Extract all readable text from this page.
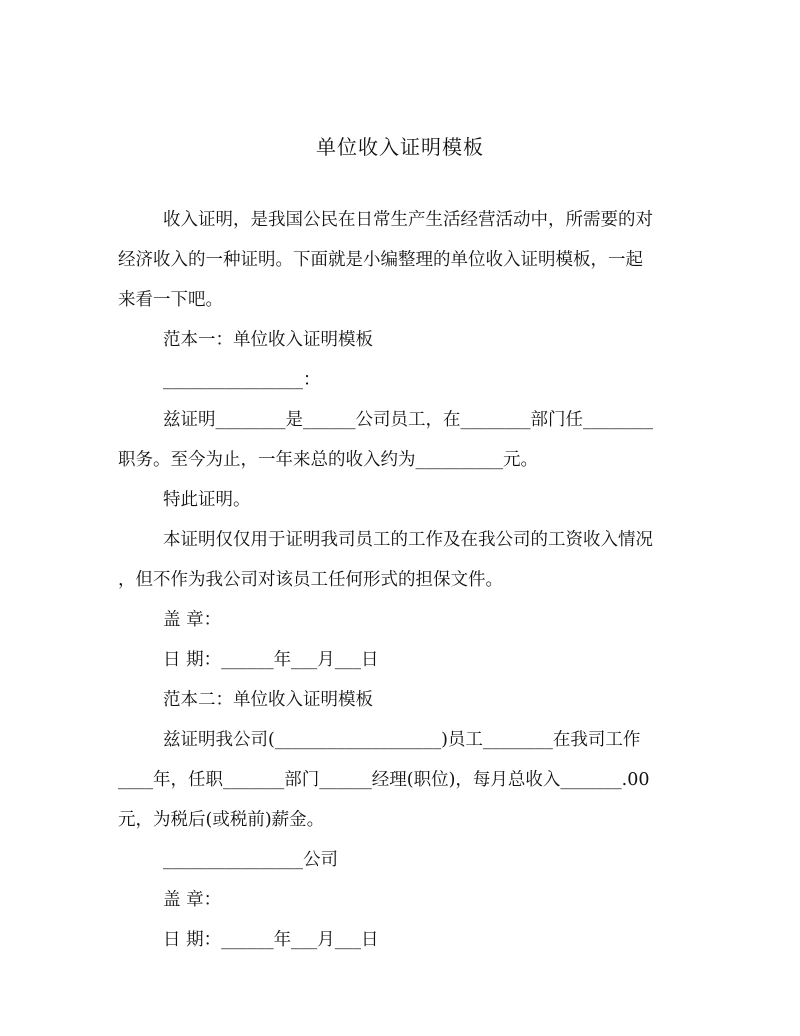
单位收入证明模板
收入证明，是我国公民在日常生产生活经营活动中，所需要的对
经济收入的一种证明。下面就是小编整理的单位收入证明模板，一起
来看一下吧。
范本一：单位收入证明模板
________________：
兹证明________是______公司员工，在________部门任________
职务。至今为止，一年来总的收入约为__________元。
特此证明。
本证明仅仅用于证明我司员工的工作及在我公司的工资收入情况
，但不作为我公司对该员工任何形式的担保文件。
盖 章：
日 期：______年___月___日
范本二：单位收入证明模板
兹证明我公司(___________________)员工________在我司工作
____年，任职_______部门______经理(职位)，每月总收入_______.00
元，为税后(或税前)薪金。
________________公司
盖 章：
日 期：______年___月___日
